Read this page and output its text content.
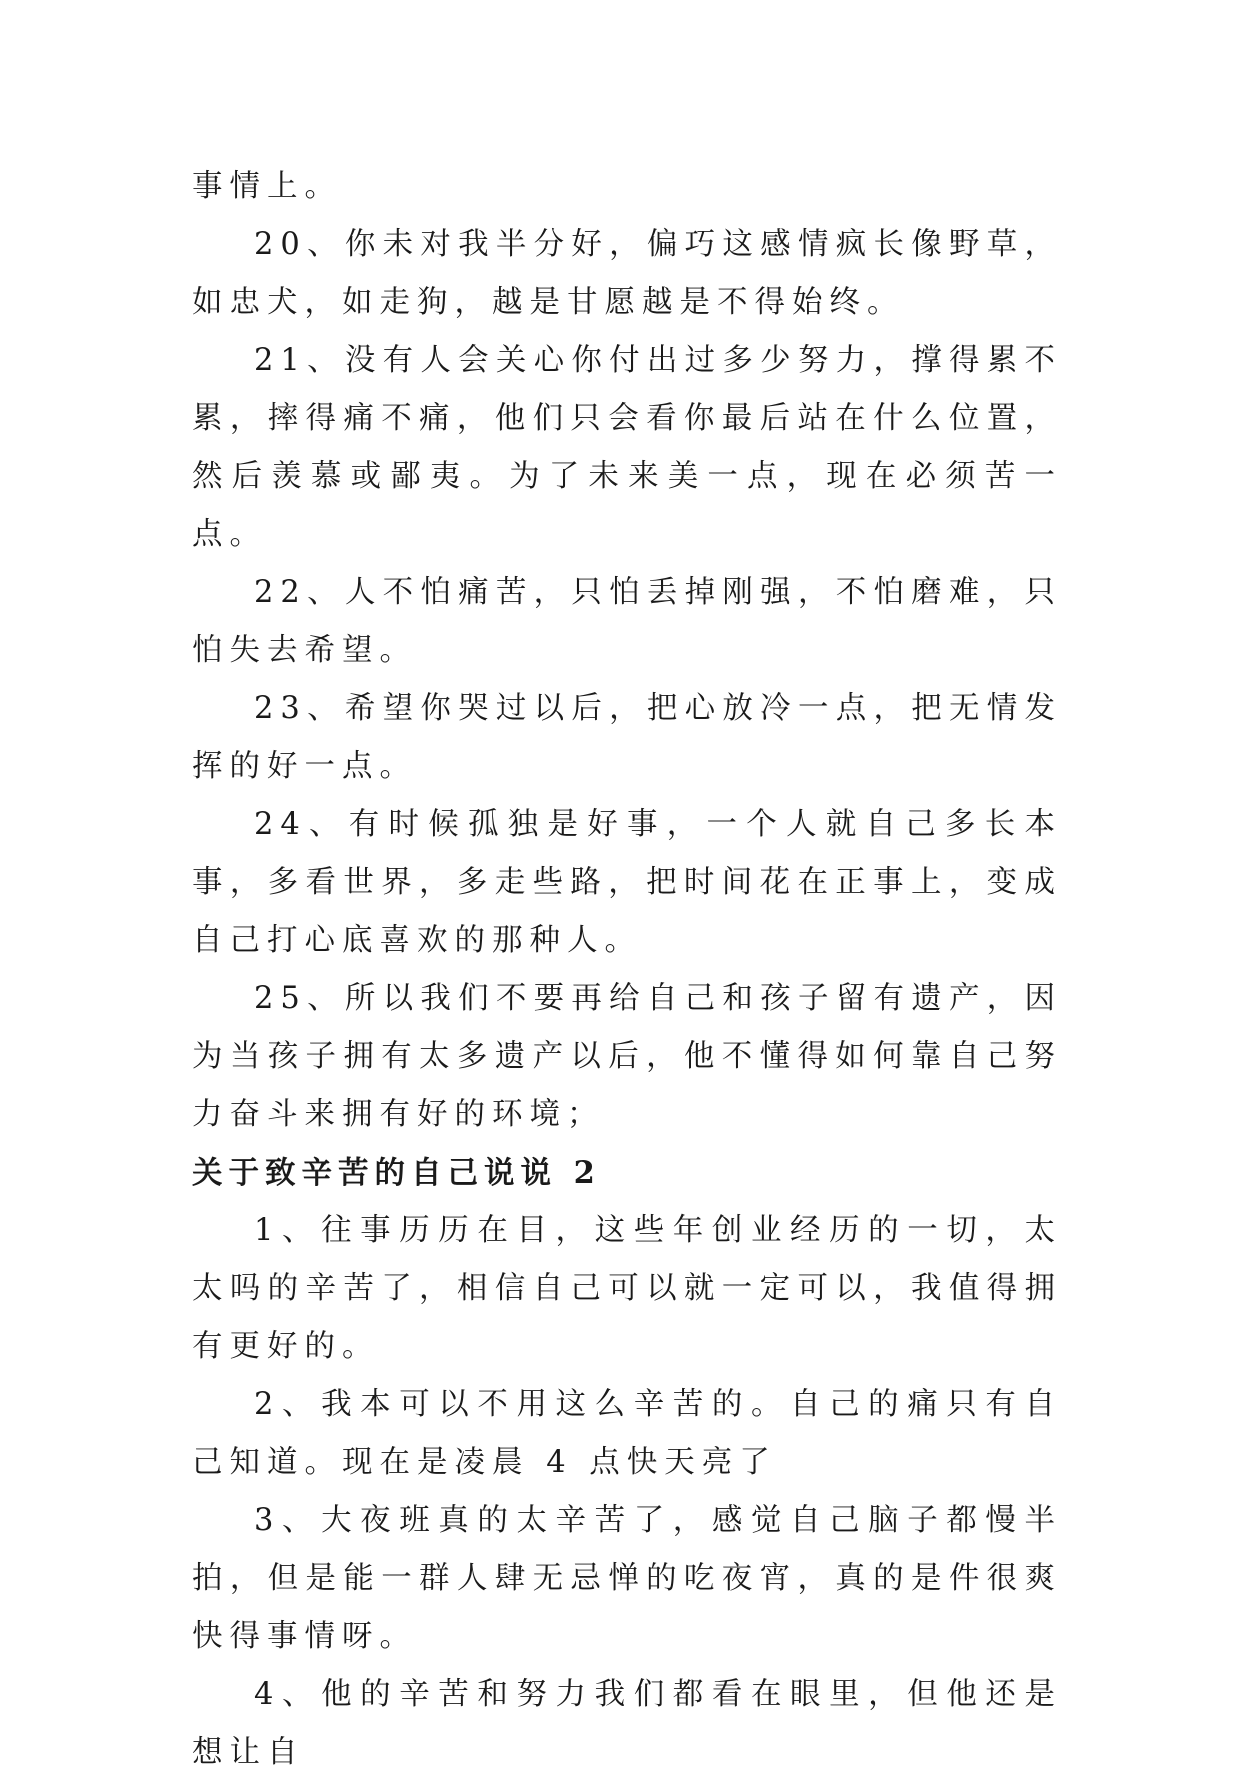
事情上。

20、你未对我半分好，偏巧这感情疯长像野草，如忠犬，如走狗，越是甘愿越是不得始终。

21、没有人会关心你付出过多少努力，撑得累不累，摔得痛不痛，他们只会看你最后站在什么位置，然后羡慕或鄙夷。为了未来美一点，现在必须苦一点。

22、人不怕痛苦，只怕丢掉刚强，不怕磨难，只怕失去希望。

23、希望你哭过以后，把心放冷一点，把无情发挥的好一点。

24、有时候孤独是好事，一个人就自己多长本事，多看世界，多走些路，把时间花在正事上，变成自己打心底喜欢的那种人。

25、所以我们不要再给自己和孩子留有遗产，因为当孩子拥有太多遗产以后，他不懂得如何靠自己努力奋斗来拥有好的环境；

关于致辛苦的自己说说 2

1、往事历历在目，这些年创业经历的一切，太太吗的辛苦了，相信自己可以就一定可以，我值得拥有更好的。

2、我本可以不用这么辛苦的。自己的痛只有自己知道。现在是凌晨 4 点快天亮了

3、大夜班真的太辛苦了，感觉自己脑子都慢半拍，但是能一群人肆无忌惮的吃夜宵，真的是件很爽快得事情呀。

4、他的辛苦和努力我们都看在眼里，但他还是想让自
